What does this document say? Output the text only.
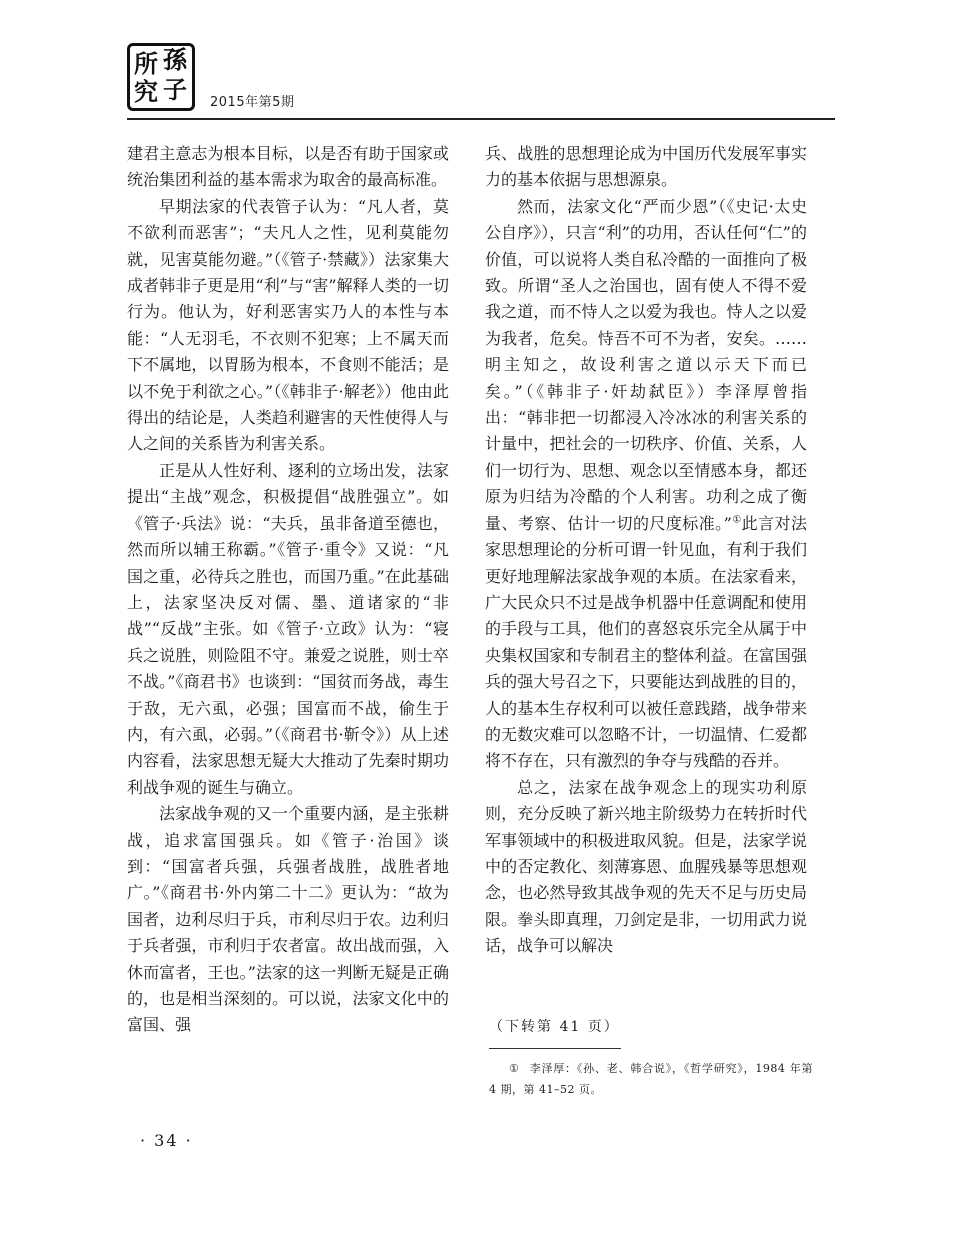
所 孫
究 子 2015年第5期

建君主意志为根本目标，以是否有助于国家或统治集团利益的基本需求为取舍的最高标准。

早期法家的代表管子认为：“凡人者，莫不欲利而恶害”；“夫凡人之性，见利莫能勿就，见害莫能勿避。”（《管子·禁藏》）法家集大成者韩非子更是用“利”与“害”解释人类的一切行为。他认为，好利恶害实乃人的本性与本能：“人无羽毛，不衣则不犯寒；上不属天而下不属地，以胃肠为根本，不食则不能活；是以不免于利欲之心。”（《韩非子·解老》）他由此得出的结论是，人类趋利避害的天性使得人与人之间的关系皆为利害关系。

正是从人性好利、逐利的立场出发，法家提出“主战”观念，积极提倡“战胜强立”。如《管子·兵法》说：“夫兵，虽非备道至德也，然而所以辅王称霸。”《管子·重令》又说：“凡国之重，必待兵之胜也，而国乃重。”在此基础上，法家坚决反对儒、墨、道诸家的“非战”“反战”主张。如《管子·立政》认为：“寝兵之说胜，则险阻不守。兼爱之说胜，则士卒不战。”《商君书》也谈到：“国贫而务战，毒生于敌，无六虱，必强；国富而不战，偷生于内，有六虱，必弱。”（《商君书·靳令》）从上述内容看，法家思想无疑大大推动了先秦时期功利战争观的诞生与确立。

法家战争观的又一个重要内涵，是主张耕战，追求富国强兵。如《管子·治国》谈到：“国富者兵强，兵强者战胜，战胜者地广。”《商君书·外内第二十二》更认为：“故为国者，边利尽归于兵，市利尽归于农。边利归于兵者强，市利归于农者富。故出战而强，入休而富者，王也。”法家的这一判断无疑是正确的，也是相当深刻的。可以说，法家文化中的富国、强

兵、战胜的思想理论成为中国历代发展军事实力的基本依据与思想源泉。

然而，法家文化“严而少恩”（《史记·太史公自序》），只言“利”的功用，否认任何“仁”的价值，可以说将人类自私冷酷的一面推向了极致。所谓“圣人之治国也，固有使人不得不爱我之道，而不恃人之以爱为我也。恃人之以爱为我者，危矣。恃吾不可不为者，安矣。……明主知之，故设利害之道以示天下而已矣。”（《韩非子·奸劫弑臣》）李泽厚曾指出：“韩非把一切都浸入冷冰冰的利害关系的计量中，把社会的一切秩序、价值、关系，人们一切行为、思想、观念以至情感本身，都还原为归结为冷酷的个人利害。功利之成了衡量、考察、估计一切的尺度标准。”①此言对法家思想理论的分析可谓一针见血，有利于我们更好地理解法家战争观的本质。在法家看来，广大民众只不过是战争机器中任意调配和使用的手段与工具，他们的喜怒哀乐完全从属于中央集权国家和专制君主的整体利益。在富国强兵的强大号召之下，只要能达到战胜的目的，人的基本生存权利可以被任意践踏，战争带来的无数灾难可以忽略不计，一切温情、仁爱都将不存在，只有激烈的争夺与残酷的吞并。

总之，法家在战争观念上的现实功利原则，充分反映了新兴地主阶级势力在转折时代军事领域中的积极进取风貌。但是，法家学说中的否定教化、刻薄寡恩、血腥残暴等思想观念，也必然导致其战争观的先天不足与历史局限。拳头即真理，刀剑定是非，一切用武力说话，战争可以解决

（下转第 41 页）
① 李泽厚：《孙、老、韩合说》，《哲学研究》，1984 年第 4 期，第 41–52 页。
· 34 ·
